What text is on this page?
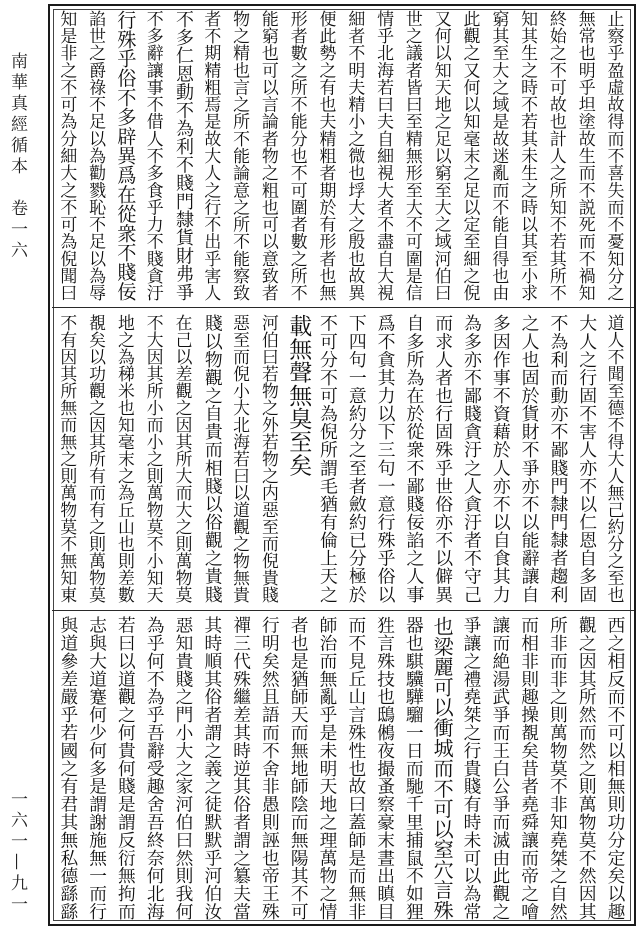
南華真經循本　卷一六
一六一—九一
止察乎盈虛故得而不喜失而不憂知分之
無常也明乎坦塗故生而不説死而不禍知
終始之不可故也計人之所知不若其所不
知其生之時不若其未生之時以其至小求
窮其至大之域是故迷亂而不能自得也由
此觀之又何以知毫末之足以定至細之倪
又何以知天地之足以窮至大之域河伯曰
世之議者皆曰至精無形至大不可圍是信
情乎北海若曰夫自細視大者不盡自大視
細者不明夫精小之微也垺大之殷也故異
便此勢之有也夫精粗者期於有形者也無
形者數之所不能分也不可圍者數之所不
能窮也可以言論者物之粗也可以意致者
物之精也言之所不能論意之所不能察致
者不期精粗焉是故大人之行不出乎害人
不多仁恩動不為利不賤門隸貨財弗爭
不多辭讓事不借人不多食乎力不賤貪汙
行殊乎俗不多辟異爲在從衆不賤佞
諂世之爵祿不足以為勸戮恥不足以為辱
知是非之不可為分細大之不可為倪聞曰
道人不聞至德不得大人無己約分之至也
大人之行固不害人亦不以仁恩自多固
不為利而動亦不鄙賤門隸門隸者趨利
之人也固於貨財不爭亦不以能辭讓自
多因作事不資藉於人亦不以自食其力
為多亦不鄙賤貪汙之人貪汙者不守己
而求人者也行固殊乎世俗亦不以僻異
自多所為在於從衆不鄙賤佞諂之人事
爲不貪其力以下三句一意行殊乎俗以
下四句一意約分之至者斂約已分極於
不可分不可為倪所謂毛猶有倫上天之
載無聲無臭至矣
河伯曰若物之外若物之内惡至而倪貴賤
惡至而倪小大北海若曰以道觀之物無貴
賤以物觀之自貴而相賤以俗觀之貴賤
在己以差觀之因其所大而大之則萬物莫
不大因其所小而小之則萬物莫不小知天
地之為稊米也知毫末之為丘山也則差數
覩矣以功觀之因其所有而有之則萬物莫
不有因其所無而無之則萬物莫不無知東
西之相反而不可以相無則功分定矣以趣
觀之因其所然而然之則萬物莫不然因其
所非而非之則萬物莫不非知堯桀之自然
而相非則趣操覩矣昔者堯舜讓而帝之噲
讓而絶湯武爭而王白公爭而滅由此觀之
爭讓之禮堯桀之行貴賤有時未可以為常
也梁麗可以衝城而不可以窒穴言殊
器也騏驥驊騮一日而馳千里捕鼠不如狸
狌言殊技也鴟鵂夜撮蚤察豪末晝出瞋目
而不見丘山言殊性也故曰蓋師是而無非
師治而無亂乎是未明天地之理萬物之情
者也是猶師天而無地師陰而無陽其不可
行明矣然且語而不舍非愚則誣也帝王殊
禪三代殊繼差其時逆其俗者謂之簒夫當
其時順其俗者謂之義之徒默默乎河伯汝
惡知貴賤之門小大之家河伯曰然則我何
為乎何不為乎吾辭受趣舍吾終奈何北海
若曰以道觀之何貴何賤是謂反衍無拘而
志與大道蹇何少何多是謂謝施無一而行
與道參差嚴乎若國之有君其無私德繇繇
